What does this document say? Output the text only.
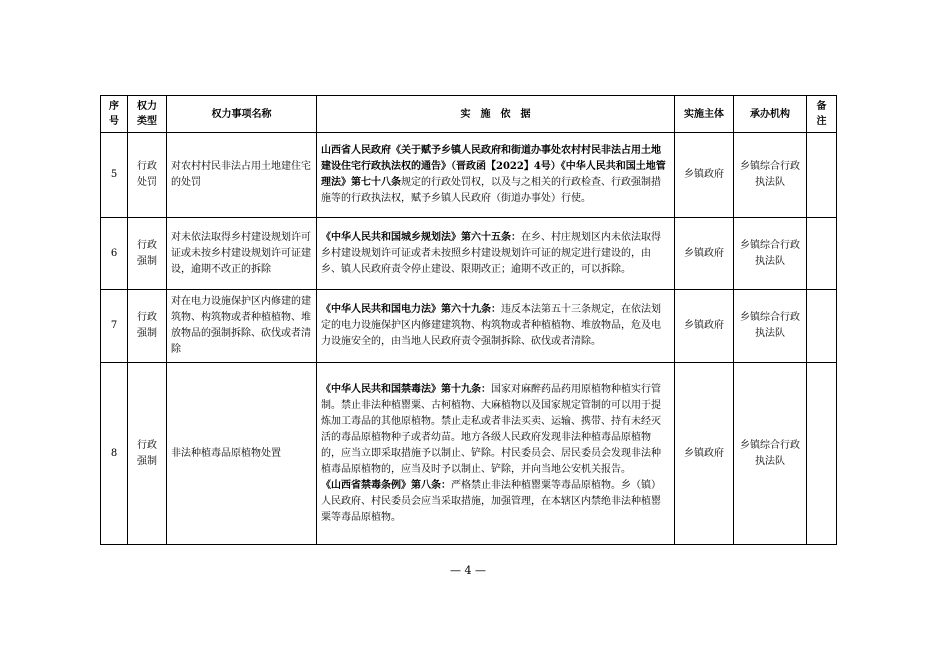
序号	权力类型	权力事项名称	实　施　依　据	实施主体	承办机构	备注
5	行政处罚	对农村村民非法占用土地建住宅的处罚	山西省人民政府《关于赋予乡镇人民政府和街道办事处农村村民非法占用土地建设住宅行政执法权的通告》（晋政函【2022】4号）《中华人民共和国土地管理法》第七十八条规定的行政处罚权，以及与之相关的行政检查、行政强制措施等的行政执法权，赋予乡镇人民政府（街道办事处）行使。	乡镇政府	乡镇综合行政执法队	
6	行政强制	对未依法取得乡村建设规划许可证或未按乡村建设规划许可证建设，逾期不改正的拆除	《中华人民共和国城乡规划法》第六十五条：在乡、村庄规划区内未依法取得乡村建设规划许可证或者未按照乡村建设规划许可证的规定进行建设的，由乡、镇人民政府责令停止建设、限期改正；逾期不改正的，可以拆除。	乡镇政府	乡镇综合行政执法队	
7	行政强制	对在电力设施保护区内修建的建筑物、构筑物或者种植植物、堆放物品的强制拆除、砍伐或者清除	《中华人民共和国电力法》第六十九条：违反本法第五十三条规定，在依法划定的电力设施保护区内修建建筑物、构筑物或者种植植物、堆放物品，危及电力设施安全的，由当地人民政府责令强制拆除、砍伐或者清除。	乡镇政府	乡镇综合行政执法队	
8	行政强制	非法种植毒品原植物处置	《中华人民共和国禁毒法》第十九条：国家对麻醉药品药用原植物种植实行管制。禁止非法种植罂粟、古柯植物、大麻植物以及国家规定管制的可以用于提炼加工毒品的其他原植物。禁止走私或者非法买卖、运输、携带、持有未经灭活的毒品原植物种子或者幼苗。地方各级人民政府发现非法种植毒品原植物的，应当立即采取措施予以制止、铲除。村民委员会、居民委员会发现非法种植毒品原植物的，应当及时予以制止、铲除，并向当地公安机关报告。
《山西省禁毒条例》第八条：严格禁止非法种植罂粟等毒品原植物。乡（镇）人民政府、村民委员会应当采取措施，加强管理，在本辖区内禁绝非法种植罂粟等毒品原植物。	乡镇政府	乡镇综合行政执法队	
— 4 —
